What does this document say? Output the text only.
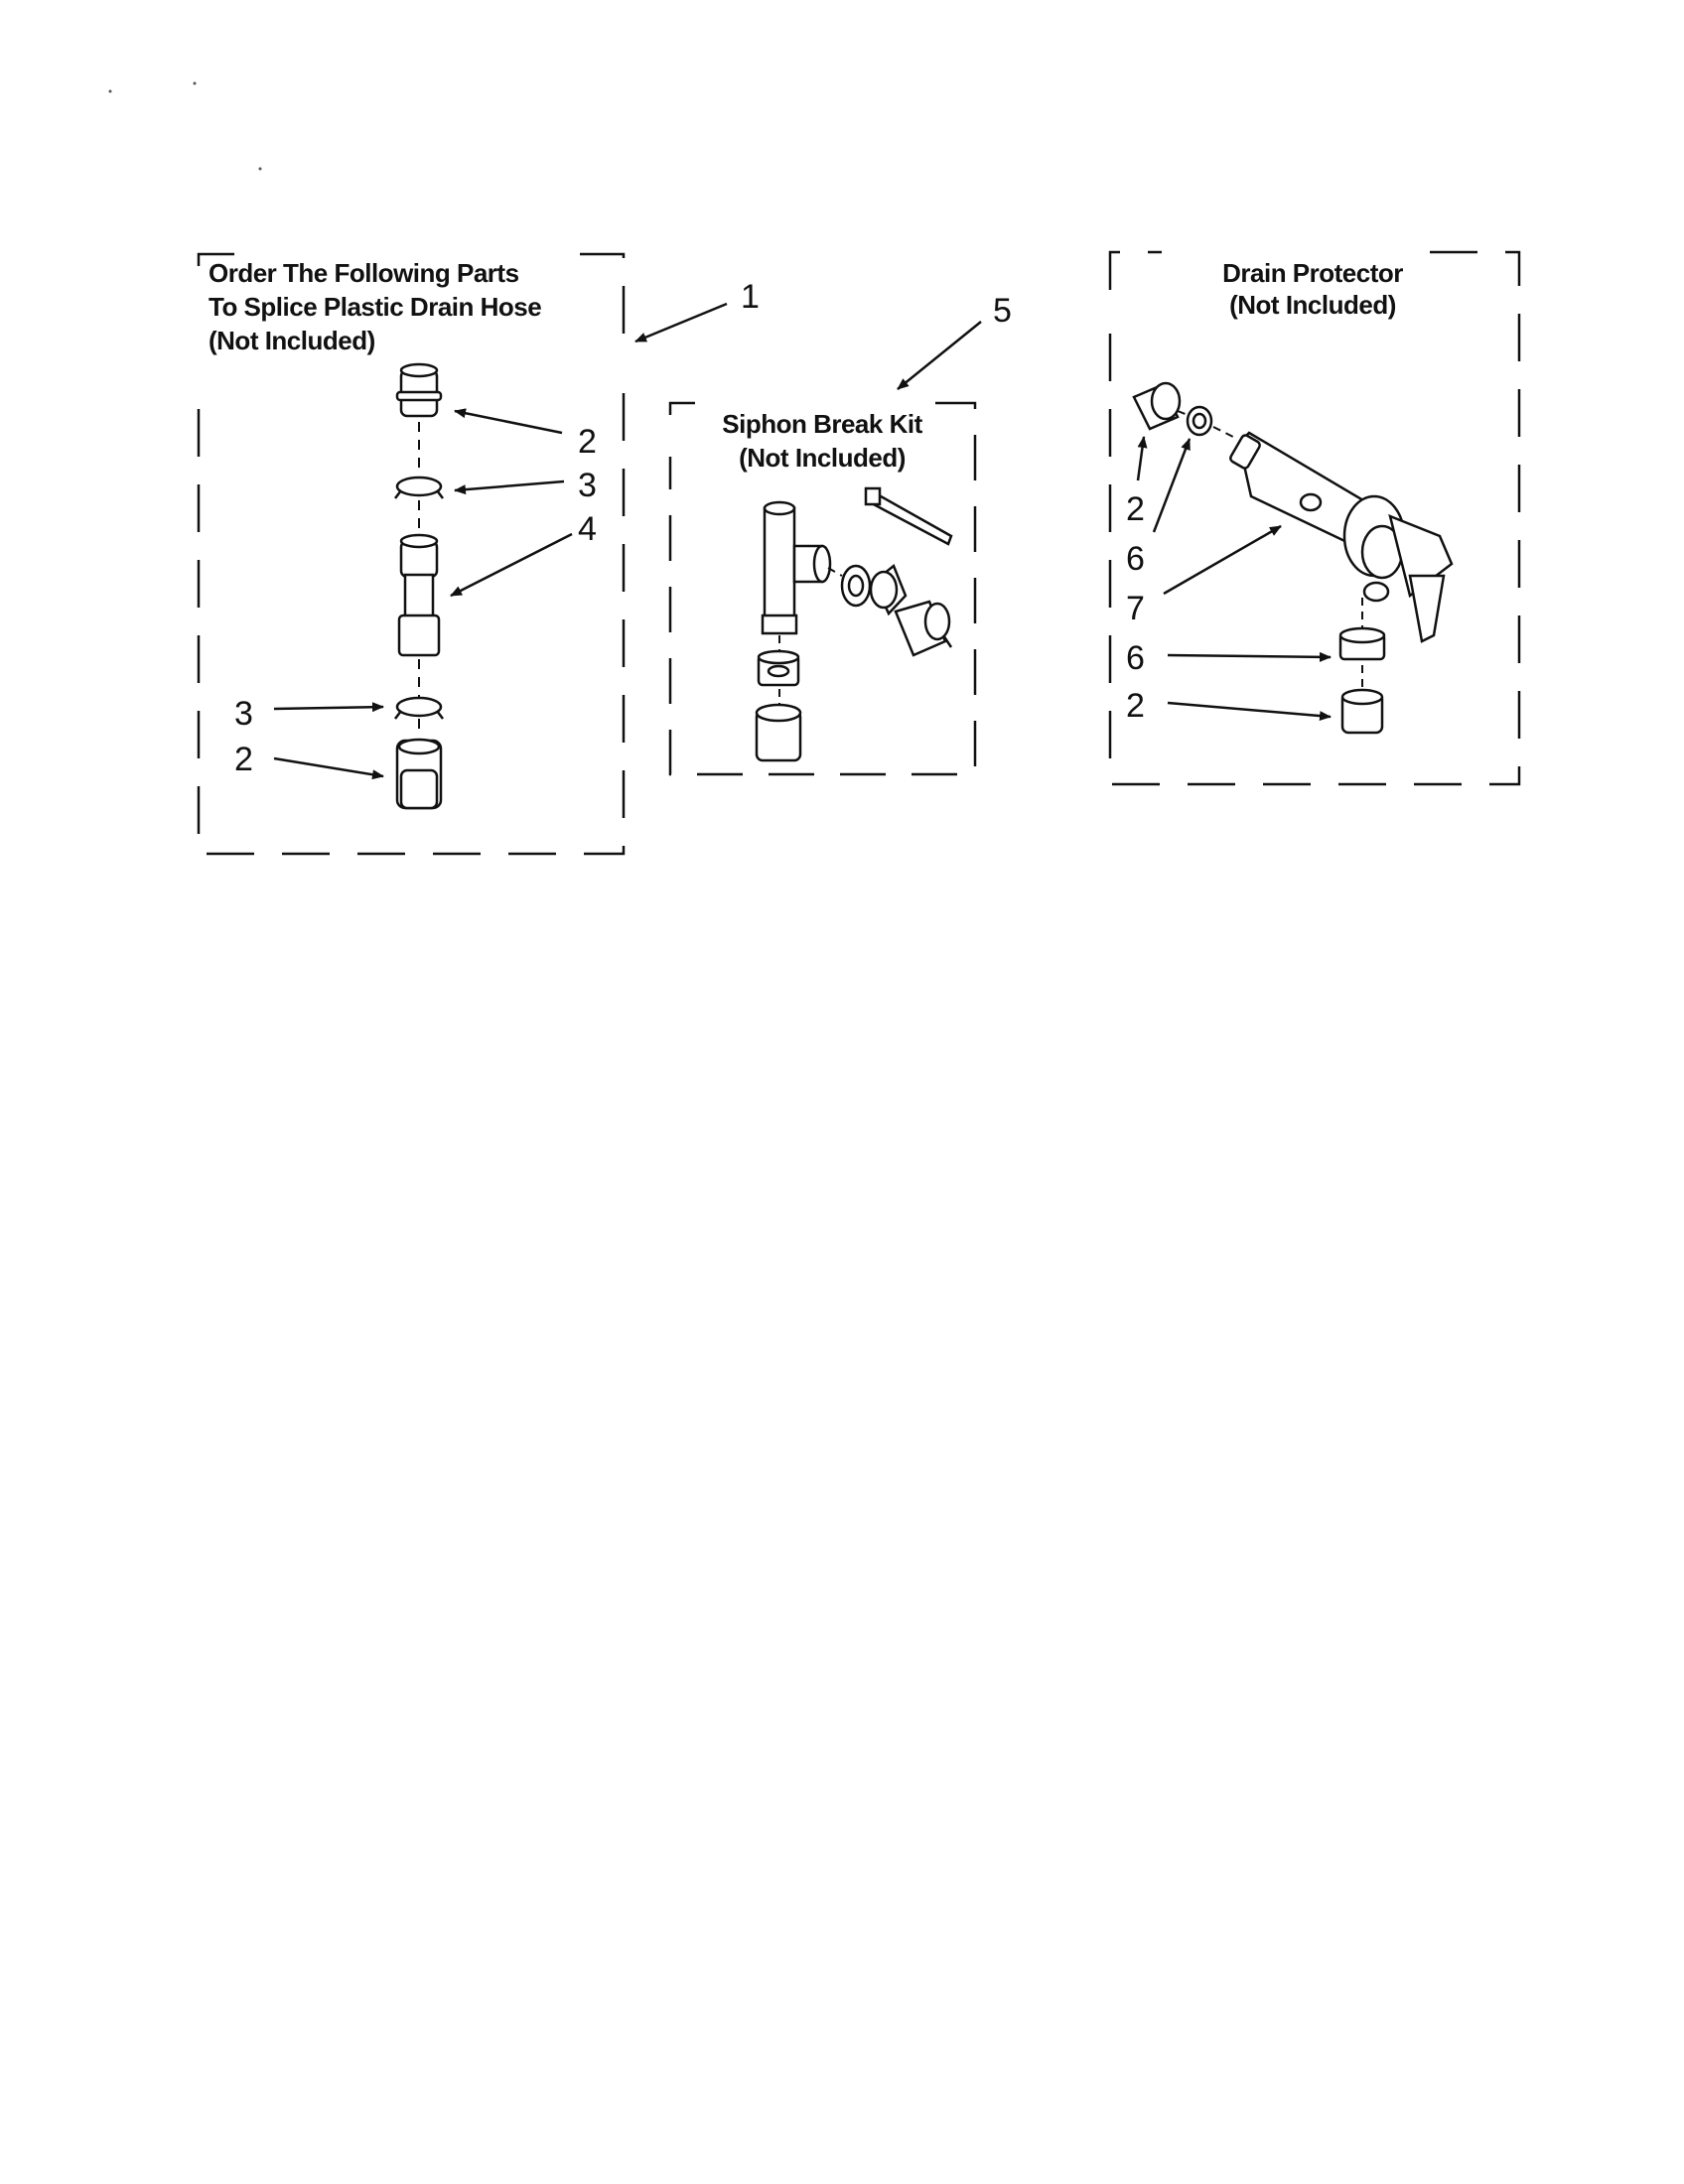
Order The Following Parts
To Splice Plastic Drain Hose
(Not Included)
Siphon Break Kit
(Not Included)
Drain Protector
(Not Included)
1	5
2
3
4
3
2
2
6
7
6
2
